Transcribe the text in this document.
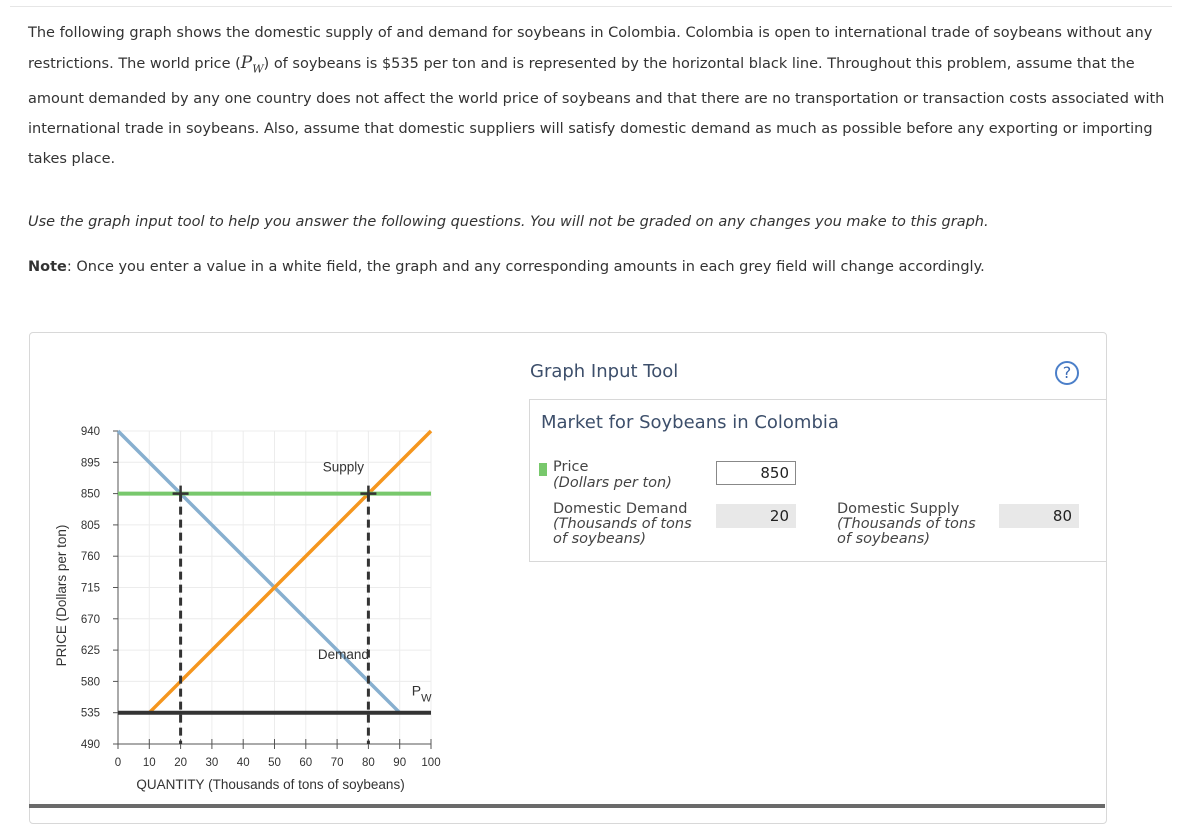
The following graph shows the domestic supply of and demand for soybeans in Colombia. Colombia is open to international trade of soybeans without any restrictions. The world price $(P_W)$ of soybeans is $535 per ton and is represented by the horizontal black line. Throughout this problem, assume that the amount demanded by any one country does not affect the world price of soybeans and that there are no transportation or transaction costs associated with international trade in soybeans. Also, assume that domestic suppliers will satisfy domestic demand as much as possible before any exporting or importing takes place.
Use the graph input tool to help you answer the following questions. You will not be graded on any changes you make to this graph.
Note: Once you enter a value in a white field, the graph and any corresponding amounts in each grey field will change accordingly.
490
535
580
625
670
715
760
805
850
895
940
0 10 20 30 40 50 60 70 80 90 100
QUANTITY (Thousands of tons of soybeans)
PRICE (Dollars per ton)
Supply
Demand
$P_W$
Graph Input Tool	?
Market for Soybeans in Colombia
Price
(Dollars per ton)
850
Domestic Demand
(Thousands of tons
of soybeans)
20	Domestic Supply
(Thousands of tons
of soybeans)
80
